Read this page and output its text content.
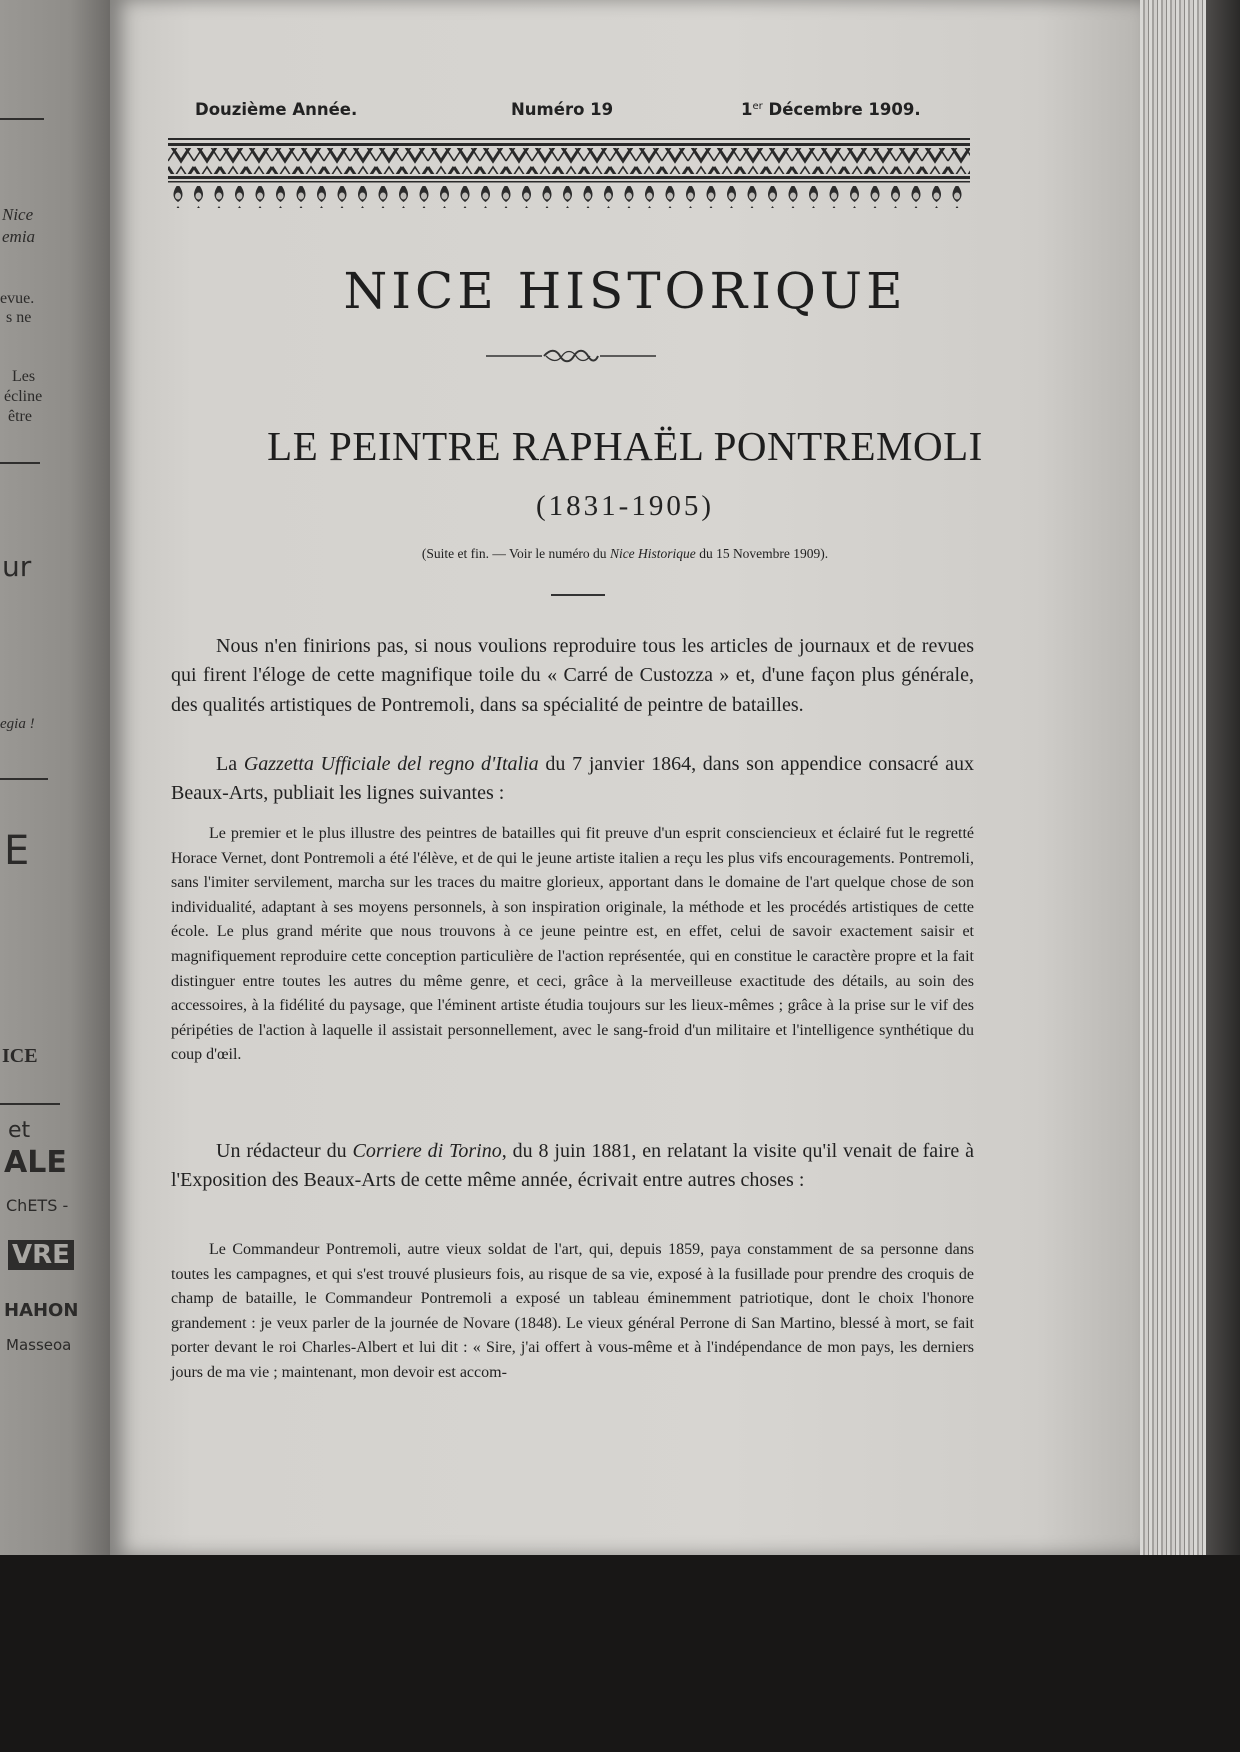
Nice
emia
evue.
s ne
Les
écline
être
ur
egia !
E
ICE
et
ALE
ChETS -
VRE
HAHON
Masseoa
Douzième Année.	Numéro 19	1er Décembre 1909.
NICE HISTORIQUE
LE PEINTRE RAPHAËL PONTREMOLI
(1831-1905)
(Suite et fin. — Voir le numéro du Nice Historique du 15 Novembre 1909).

Nous n'en finirions pas, si nous voulions reproduire tous les articles de journaux et de revues qui firent l'éloge de cette magnifique toile du « Carré de Custozza » et, d'une façon plus générale, des qualités artistiques de Pontremoli, dans sa spécialité de peintre de batailles.

La Gazzetta Ufficiale del regno d'Italia du 7 janvier 1864, dans son appendice consacré aux Beaux-Arts, publiait les lignes suivantes :

Le premier et le plus illustre des peintres de batailles qui fit preuve d'un esprit consciencieux et éclairé fut le regretté Horace Vernet, dont Pontremoli a été l'élève, et de qui le jeune artiste italien a reçu les plus vifs encouragements. Pontremoli, sans l'imiter servilement, marcha sur les traces du maitre glorieux, apportant dans le domaine de l'art quelque chose de son individualité, adaptant à ses moyens personnels, à son inspiration originale, la méthode et les procédés artistiques de cette école. Le plus grand mérite que nous trouvons à ce jeune peintre est, en effet, celui de savoir exactement saisir et magnifiquement reproduire cette conception particulière de l'action représentée, qui en constitue le caractère propre et la fait distinguer entre toutes les autres du même genre, et ceci, grâce à la merveilleuse exactitude des détails, au soin des accessoires, à la fidélité du paysage, que l'éminent artiste étudia toujours sur les lieux-mêmes ; grâce à la prise sur le vif des péripéties de l'action à laquelle il assistait personnellement, avec le sang-froid d'un militaire et l'intelligence synthétique du coup d'œil.

Un rédacteur du Corriere di Torino, du 8 juin 1881, en relatant la visite qu'il venait de faire à l'Exposition des Beaux-Arts de cette même année, écrivait entre autres choses :

Le Commandeur Pontremoli, autre vieux soldat de l'art, qui, depuis 1859, paya constamment de sa personne dans toutes les campagnes, et qui s'est trouvé plusieurs fois, au risque de sa vie, exposé à la fusillade pour prendre des croquis de champ de bataille, le Commandeur Pontremoli a exposé un tableau éminemment patriotique, dont le choix l'honore grandement : je veux parler de la journée de Novare (1848). Le vieux général Perrone di San Martino, blessé à mort, se fait porter devant le roi Charles-Albert et lui dit : « Sire, j'ai offert à vous-même et à l'indépendance de mon pays, les derniers jours de ma vie ; maintenant, mon devoir est accom-
